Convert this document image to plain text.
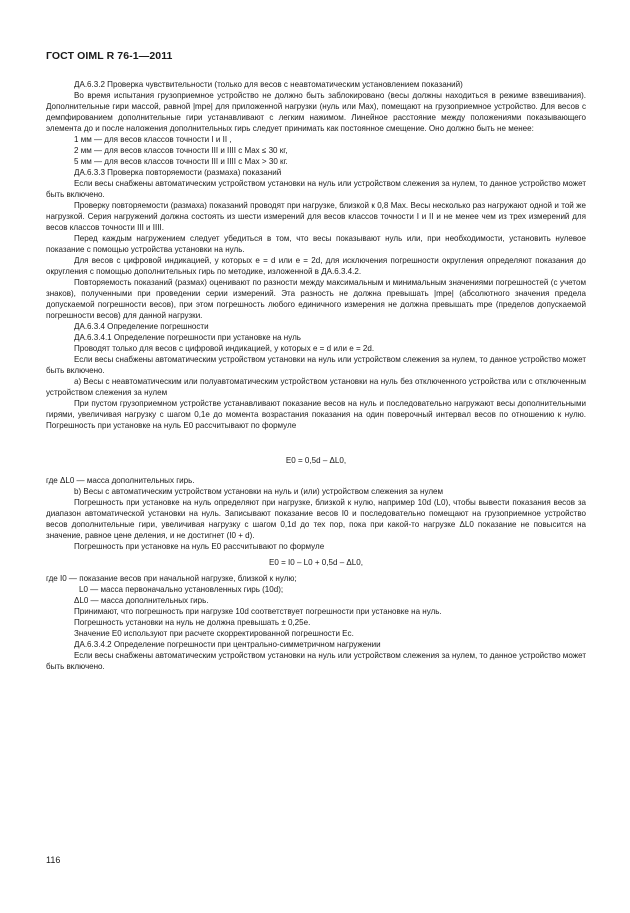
ГОСТ OIML R 76-1—2011

ДА.6.3.2 Проверка чувствительности (только для весов с неавтоматическим установлением показаний)

Во время испытания грузоприемное устройство не должно быть заблокировано (весы должны находиться в режиме взвешивания). Дополнительные гири массой, равной |mpe| для приложенной нагрузки (нуль или Max), помещают на грузоприемное устройство. Для весов с демпфированием дополнительные гири устанавливают с легким нажимом. Линейное расстояние между положениями показывающего элемента до и после наложения дополнительных гирь следует принимать как постоянное смещение. Оно должно быть не менее:

1 мм — для весов классов точности I и II ,

2 мм — для весов классов точности III и IIII с Max ≤ 30 кг,

5 мм — для весов классов точности III и IIII с Max > 30 кг.

ДА.6.3.3 Проверка повторяемости (размаха) показаний

Если весы снабжены автоматическим устройством установки на нуль или устройством слежения за нулем, то данное устройство может быть включено.

Проверку повторяемости (размаха) показаний проводят при нагрузке, близкой к 0,8 Max. Весы несколько раз нагружают одной и той же нагрузкой. Серия нагружений должна состоять из шести измерений для весов классов точности I и II и не менее чем из трех измерений для весов классов точности III и IIII.

Перед каждым нагружением следует убедиться в том, что весы показывают нуль или, при необходимости, установить нулевое показание с помощью устройства установки на нуль.

Для весов с цифровой индикацией, у которых e = d или e = 2d, для исключения погрешности округления определяют показания до округления с помощью дополнительных гирь по методике, изложенной в ДА.6.3.4.2.

Повторяемость показаний (размах) оценивают по разности между максимальным и минимальным значениями погрешностей (с учетом знаков), полученными при проведении серии измерений. Эта разность не должна превышать |mpe| (абсолютного значения предела допускаемой погрешности весов), при этом погрешность любого единичного измерения не должна превышать mpe (пределов допускаемой погрешности весов) для данной нагрузки.

ДА.6.3.4 Определение погрешности

ДА.6.3.4.1 Определение погрешности при установке на нуль

Проводят только для весов с цифровой индикацией, у которых e = d или e = 2d.

Если весы снабжены автоматическим устройством установки на нуль или устройством слежения за нулем, то данное устройство может быть включено.

а) Весы с неавтоматическим или полуавтоматическим устройством установки на нуль без отключенного устройства или с отключенным устройством слежения за нулем

При пустом грузоприемном устройстве устанавливают показание весов на нуль и последовательно нагружают весы дополнительными гирями, увеличивая нагрузку с шагом 0,1e до момента возрастания показания на один поверочный интервал весов по отношению к нулю. Погрешность при установке на нуль E0 рассчитывают по формуле

E0 = 0,5d – ΔL0,

где ΔL0 — масса дополнительных гирь.

b) Весы с автоматическим устройством установки на нуль и (или) устройством слежения за нулем

Погрешность при установке на нуль определяют при нагрузке, близкой к нулю, например 10d (L0), чтобы вывести показания весов за диапазон автоматической установки на нуль. Записывают показание весов I0 и последовательно помещают на грузоприемное устройство весов дополнительные гири, увеличивая нагрузку с шагом 0,1d до тех пор, пока при какой-то нагрузке ΔL0 показание не повысится на значение, равное цене деления, и не достигнет (I0 + d).

Погрешность при установке на нуль E0 рассчитывают по формуле

E0 = I0 – L0 + 0,5d – ΔL0,

где I0 — показание весов при начальной нагрузке, близкой к нулю;

L0 — масса первоначально установленных гирь (10d);

ΔL0 — масса дополнительных гирь.

Принимают, что погрешность при нагрузке 10d соответствует погрешности при установке на нуль.

Погрешность установки на нуль не должна превышать ± 0,25e.

Значение E0 используют при расчете скорректированной погрешности Ec.

ДА.6.3.4.2 Определение погрешности при центрально-симметричном нагружении

Если весы снабжены автоматическим устройством установки на нуль или устройством слежения за нулем, то данное устройство может быть включено.

116
